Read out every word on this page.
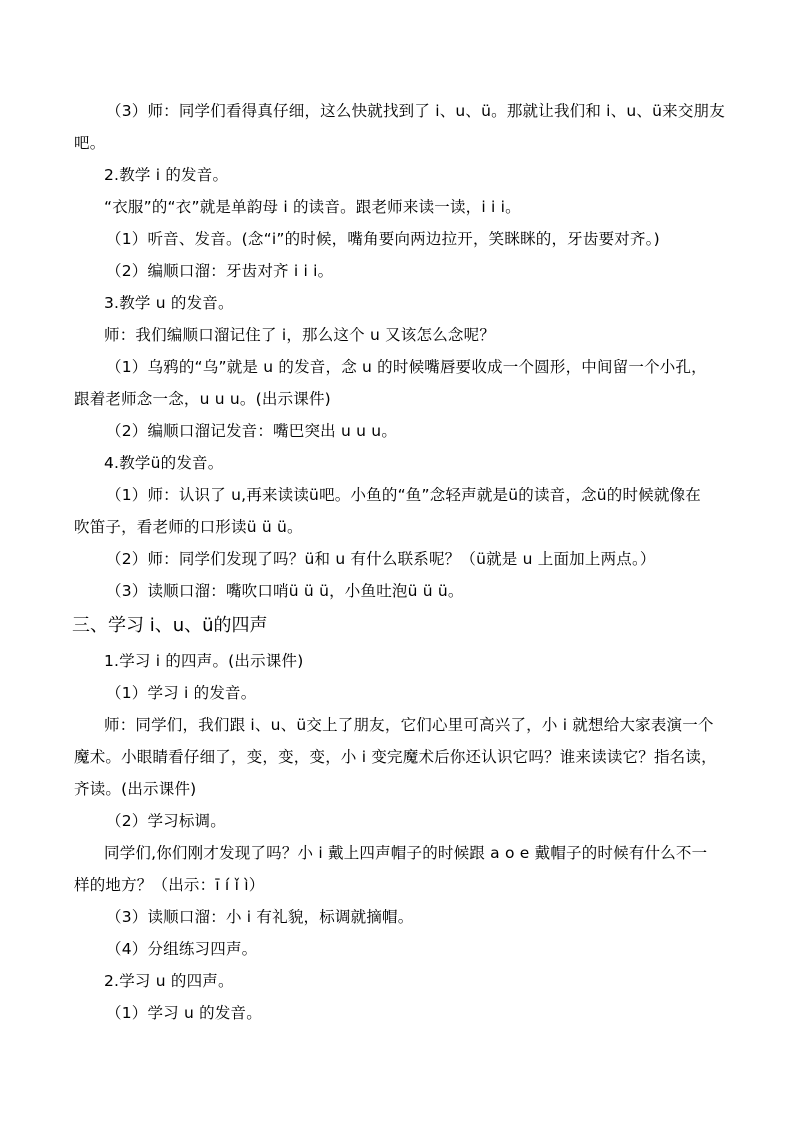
（3）师：同学们看得真仔细，这么快就找到了 i、u、ü。那就让我们和 i、u、ü来交朋友
吧。
2.教学 i 的发音。
“衣服”的“衣”就是单韵母 i 的读音。跟老师来读一读，i i i。
（1）听音、发音。(念“i”的时候，嘴角要向两边拉开，笑眯眯的，牙齿要对齐。)
（2）编顺口溜：牙齿对齐 i i i。
3.教学 u 的发音。
师：我们编顺口溜记住了 i，那么这个 u 又该怎么念呢？
（1）乌鸦的“乌”就是 u 的发音，念 u 的时候嘴唇要收成一个圆形，中间留一个小孔，
跟着老师念一念，u u u。(出示课件)
（2）编顺口溜记发音：嘴巴突出 u u u。
4.教学ü的发音。
（1）师：认识了 u,再来读读ü吧。小鱼的“鱼”念轻声就是ü的读音，念ü的时候就像在
吹笛子，看老师的口形读ü ü ü。
（2）师：同学们发现了吗？ü和 u 有什么联系呢？（ü就是 u 上面加上两点。）
（3）读顺口溜：嘴吹口哨ü ü ü，小鱼吐泡ü ü ü。
三、学习 i、u、ü的四声
1.学习 i 的四声。(出示课件)
（1）学习 i 的发音。
师：同学们，我们跟 i、u、ü交上了朋友，它们心里可高兴了，小 i 就想给大家表演一个
魔术。小眼睛看仔细了，变，变，变，小 i 变完魔术后你还认识它吗？谁来读读它？指名读，
齐读。(出示课件)
（2）学习标调。
同学们,你们刚才发现了吗？小 i 戴上四声帽子的时候跟 a o e 戴帽子的时候有什么不一
样的地方？（出示：ī í ǐ ì）
（3）读顺口溜：小 i 有礼貌，标调就摘帽。
（4）分组练习四声。
2.学习 u 的四声。
（1）学习 u 的发音。
